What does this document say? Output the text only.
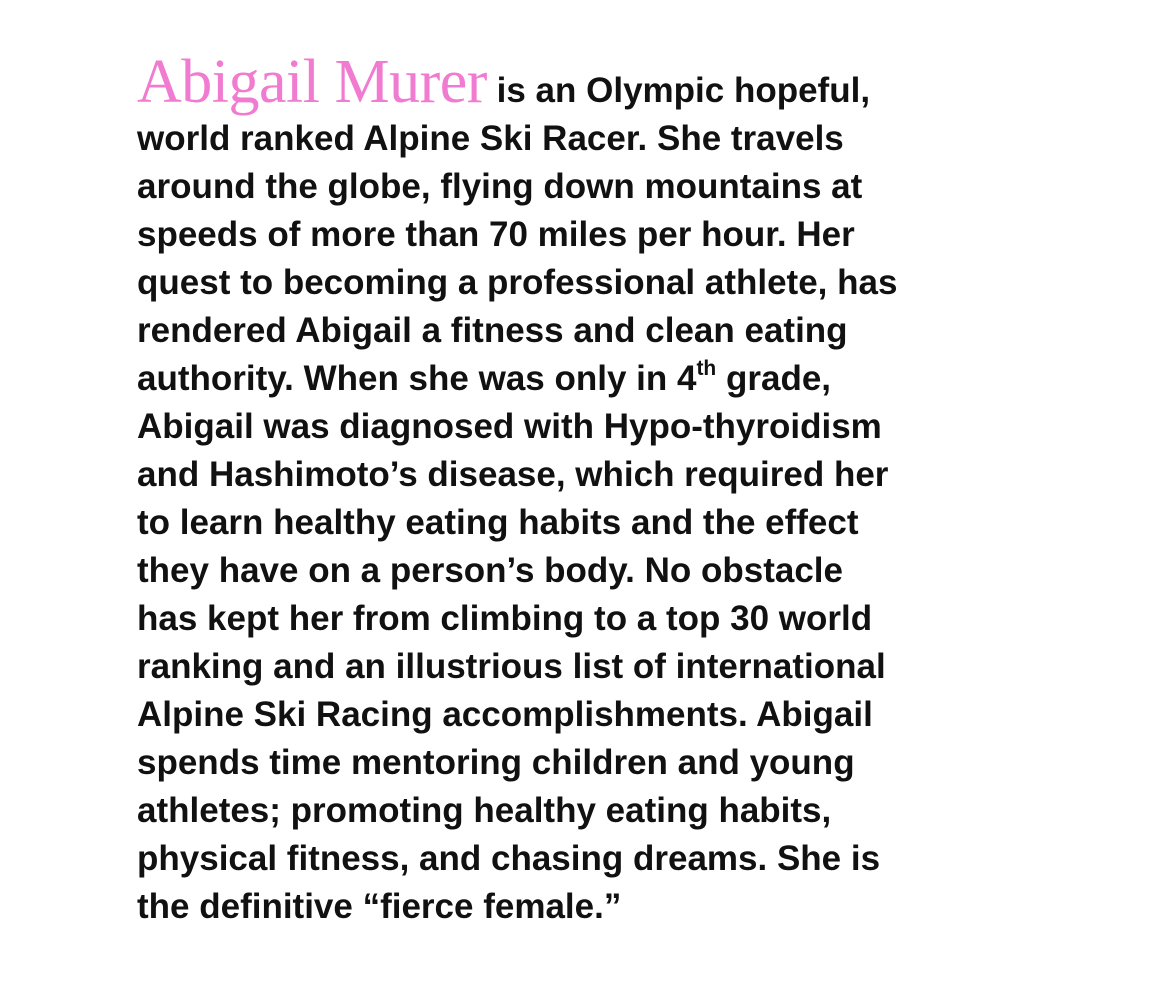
Abigail Murer is an Olympic hopeful,
world ranked Alpine Ski Racer. She travels
around the globe, flying down mountains at
speeds of more than 70 miles per hour. Her
quest to becoming a professional athlete, has
rendered Abigail a fitness and clean eating
authority. When she was only in 4th grade,
Abigail was diagnosed with Hypo-thyroidism
and Hashimoto’s disease, which required her
to learn healthy eating habits and the effect
they have on a person’s body. No obstacle
has kept her from climbing to a top 30 world
ranking and an illustrious list of international
Alpine Ski Racing accomplishments. Abigail
spends time mentoring children and young
athletes; promoting healthy eating habits,
physical fitness, and chasing dreams. She is
the definitive “fierce female.”
